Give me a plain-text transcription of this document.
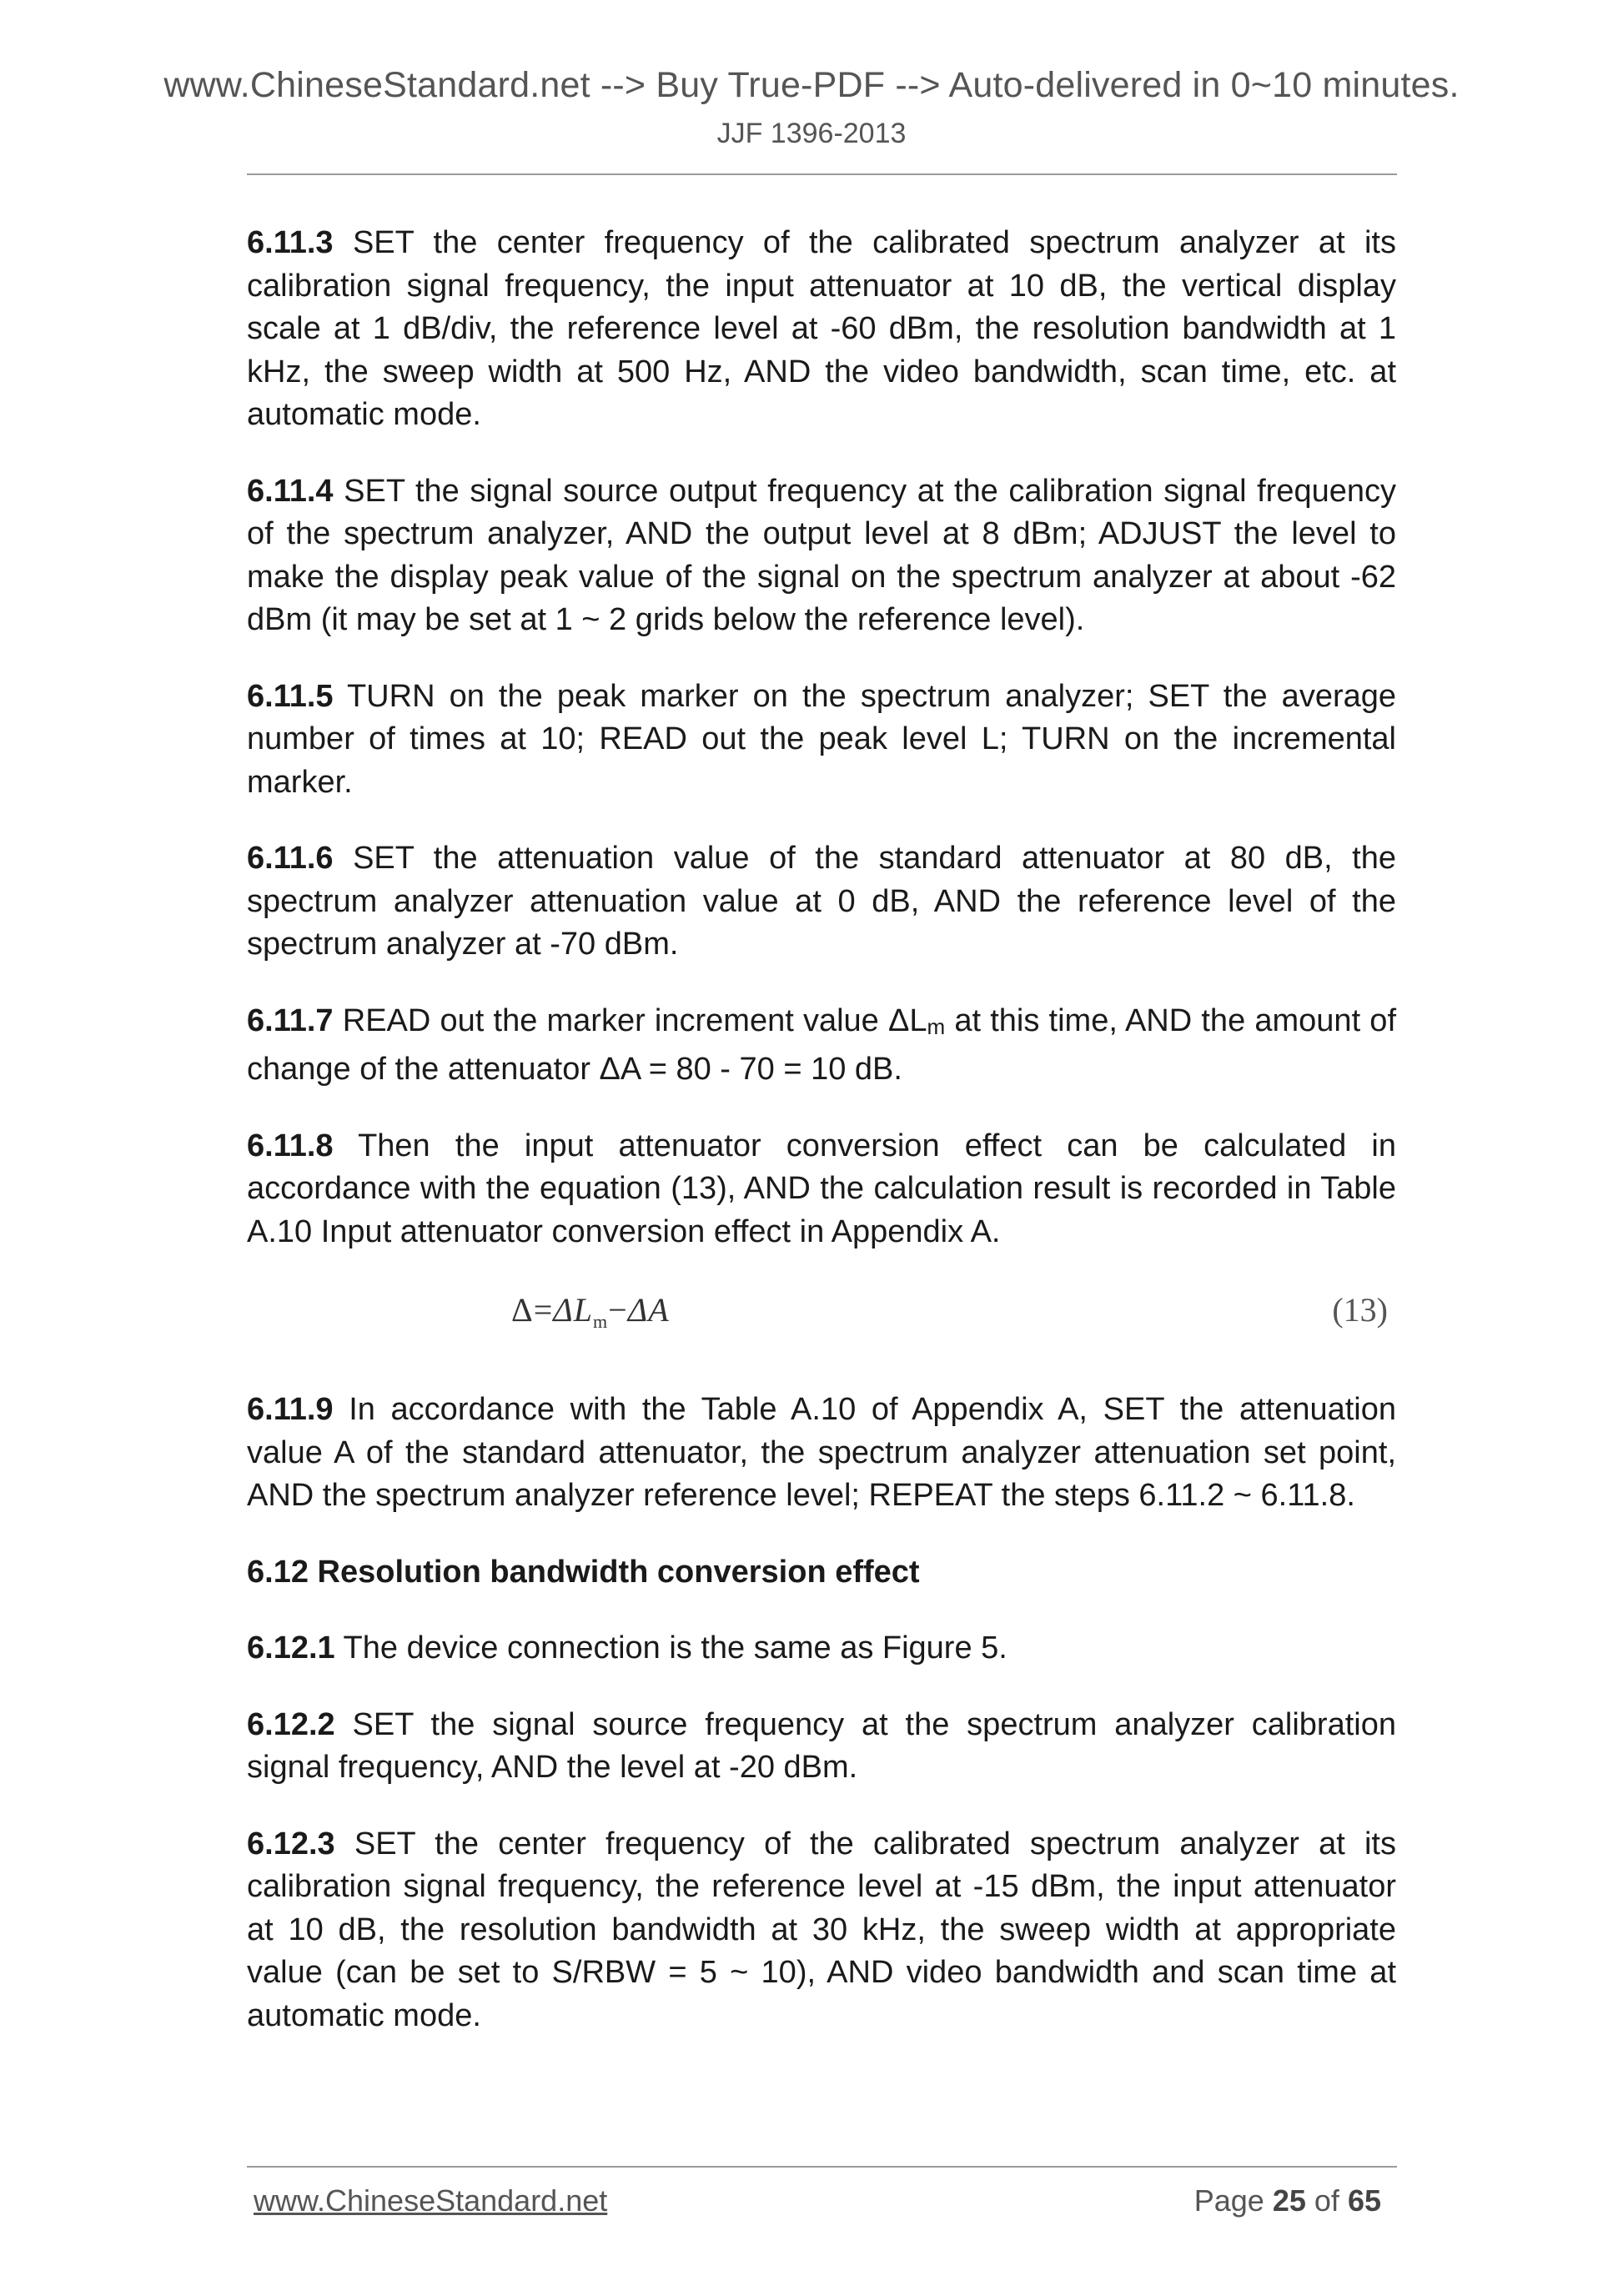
www.ChineseStandard.net --> Buy True-PDF --> Auto-delivered in 0~10 minutes.
JJF 1396-2013

6.11.3 SET the center frequency of the calibrated spectrum analyzer at its calibration signal frequency, the input attenuator at 10 dB, the vertical display scale at 1 dB/div, the reference level at -60 dBm, the resolution bandwidth at 1 kHz, the sweep width at 500 Hz, AND the video bandwidth, scan time, etc. at automatic mode.

6.11.4 SET the signal source output frequency at the calibration signal frequency of the spectrum analyzer, AND the output level at 8 dBm; ADJUST the level to make the display peak value of the signal on the spectrum analyzer at about -62 dBm (it may be set at 1 ~ 2 grids below the reference level).

6.11.5 TURN on the peak marker on the spectrum analyzer; SET the average number of times at 10; READ out the peak level L; TURN on the incremental marker.

6.11.6 SET the attenuation value of the standard attenuator at 80 dB, the spectrum analyzer attenuation value at 0 dB, AND the reference level of the spectrum analyzer at -70 dBm.

6.11.7 READ out the marker increment value ΔLm at this time, AND the amount of change of the attenuator ΔA = 80 - 70 = 10 dB.

6.11.8 Then the input attenuator conversion effect can be calculated in accordance with the equation (13), AND the calculation result is recorded in Table A.10 Input attenuator conversion effect in Appendix A.

$\Delta=\Delta L_m-\Delta A$	(13)

6.11.9 In accordance with the Table A.10 of Appendix A, SET the attenuation value A of the standard attenuator, the spectrum analyzer attenuation set point, AND the spectrum analyzer reference level; REPEAT the steps 6.11.2 ~ 6.11.8.

6.12 Resolution bandwidth conversion effect

6.12.1 The device connection is the same as Figure 5.

6.12.2 SET the signal source frequency at the spectrum analyzer calibration signal frequency, AND the level at -20 dBm.

6.12.3 SET the center frequency of the calibrated spectrum analyzer at its calibration signal frequency, the reference level at -15 dBm, the input attenuator at 10 dB, the resolution bandwidth at 30 kHz, the sweep width at appropriate value (can be set to S/RBW = 5 ~ 10), AND video bandwidth and scan time at automatic mode.

www.ChineseStandard.net	Page 25 of 65
